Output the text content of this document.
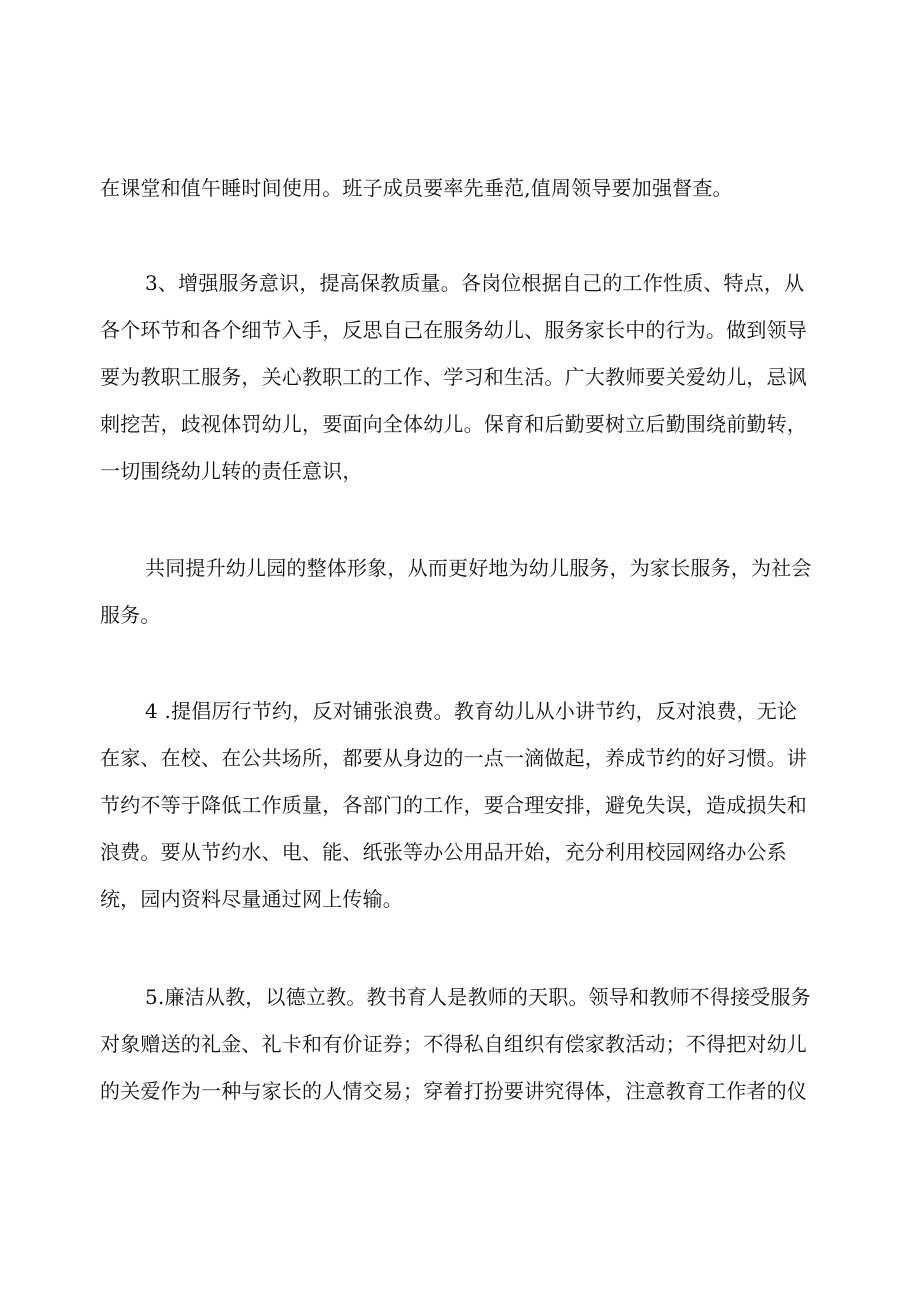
在课堂和值午睡时间使用。班子成员要率先垂范,值周领导要加强督查。
3、增强服务意识，提高保教质量。各岗位根据自己的工作性质、特点，从
各个环节和各个细节入手，反思自己在服务幼儿、服务家长中的行为。做到领导
要为教职工服务，关心教职工的工作、学习和生活。广大教师要关爱幼儿，忌讽
刺挖苦，歧视体罚幼儿，要面向全体幼儿。保育和后勤要树立后勤围绕前勤转，
一切围绕幼儿转的责任意识，
共同提升幼儿园的整体形象，从而更好地为幼儿服务，为家长服务，为社会
服务。
4 .提倡厉行节约，反对铺张浪费。教育幼儿从小讲节约，反对浪费，无论
在家、在校、在公共场所，都要从身边的一点一滴做起，养成节约的好习惯。讲
节约不等于降低工作质量，各部门的工作，要合理安排，避免失误，造成损失和
浪费。要从节约水、电、能、纸张等办公用品开始，充分利用校园网络办公系
统，园内资料尽量通过网上传输。
5.廉洁从教，以德立教。教书育人是教师的天职。领导和教师不得接受服务
对象赠送的礼金、礼卡和有价证券；不得私自组织有偿家教活动；不得把对幼儿
的关爱作为一种与家长的人情交易；穿着打扮要讲究得体，注意教育工作者的仪
